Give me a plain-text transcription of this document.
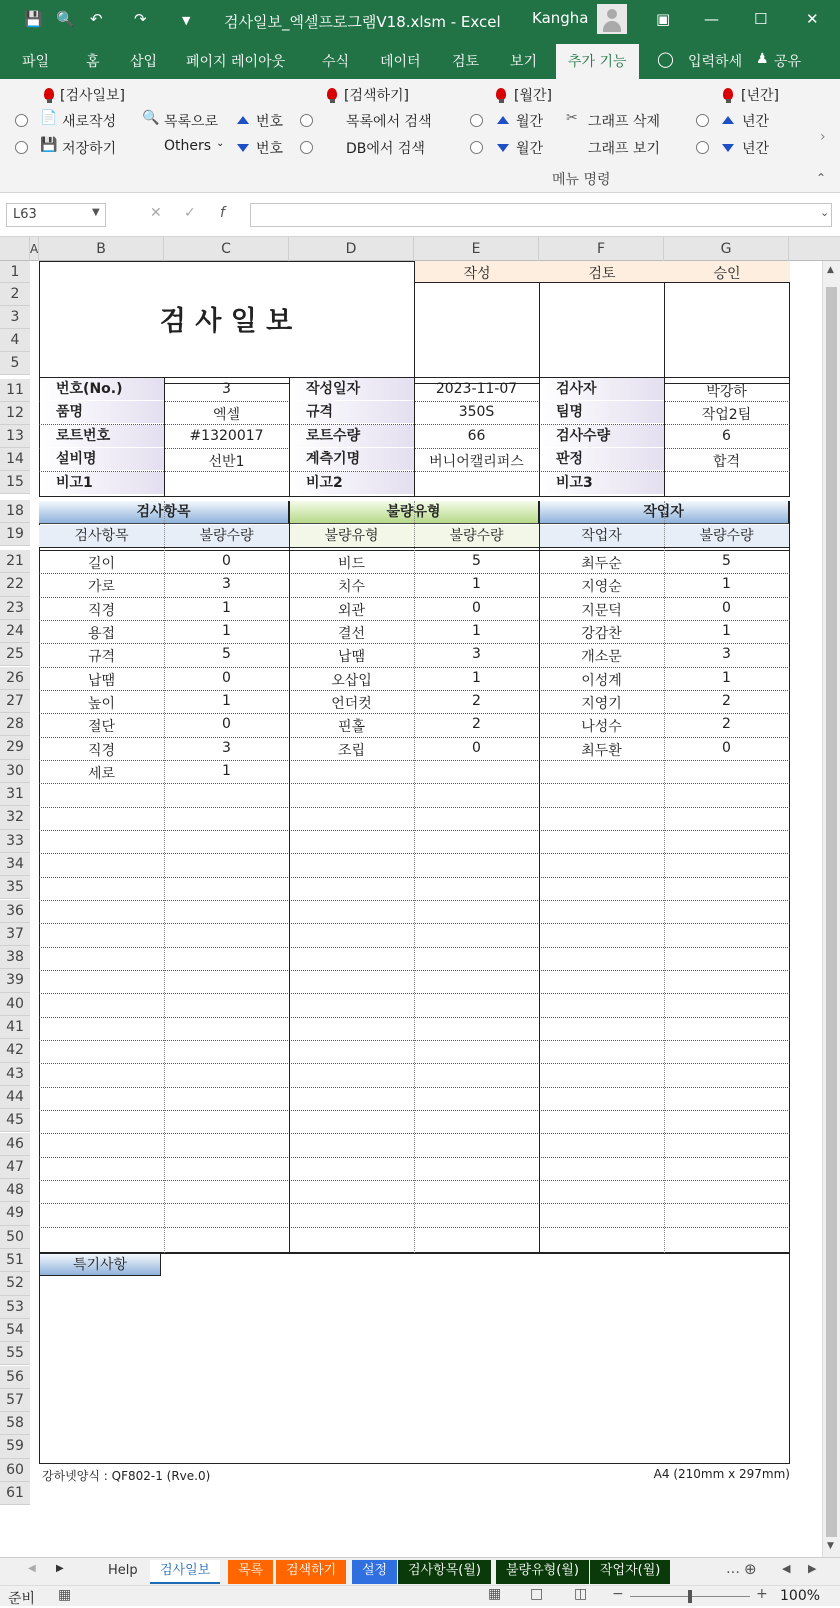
💾 🔍 ↶ ↷	▼ 검사일보_엑셀프로그램V18.xlsm - Excel Kangha	▣ — ☐	✕
파일	홈 삽입 페이지 레이아웃	수식 데이터 검토 보기	추가 기능	◯ 입력하세 ♟ 공유
[검사일보]
📄 새로작성
💾 저장하기
🔍 목록으로
Others ⌄
번호
번호
[검색하기]
목록에서 검색
DB에서 검색
[월간]
월간
월간
✂ 그래프 삭제
그래프 보기
[년간]
년간
년간
메뉴 명령
›
⌃
L63	▼	✕ ✓ f	⌄
A	B	C	D	E	F	G
1
2
3
4
5
11
12
13
14
15
18
19
21
22
23
24
25
26
27
28
29
30
31
32
33
34
35
36
37
38
39
40
41
42
43
44
45
46
47
48
49
50
51
52
53
54
55
56
57
58
59
60
61
검 사 일 보
작성	검토	승인
번호(No.)	3	작성일자	2023-11-07	검사자	박강하
품명	엑셀	규격	350S	팀명	작업2팀
로트번호	#1320017	로트수량	66	검사수량	6
설비명	선반1	계측기명	버니어캘리퍼스	판정	합격
비고1	비고2	비고3
검사항목	불량유형	작업자
검사항목	불량수량	불량유형	불량수량	작업자	불량수량
길이	0	비드	5	최두순	5
가로	3	치수	1	지영순	1
직경	1	외관	0	지문덕	0
용접	1	결선	1	강감찬	1
규격	5	납땜	3	개소문	3
납땜	0	오삽입	1	이성계	1
높이	1	언더컷	2	지영기	2
절단	0	핀홀	2	나성수	2
직경	3	조립	0	최두환	0
세로	1
특기사항
강하넷양식 : QF802-1 (Rve.0)	A4 (210mm x 297mm)
▲
▼
◀ ▶	Help	검사일보	목록	검색하기	설정	검사항목(월)	불량유형(월)	작업자(월)	… ⊕ ◀ ▶
준비 ▦	▦ □ ◫ −	+ 100%
